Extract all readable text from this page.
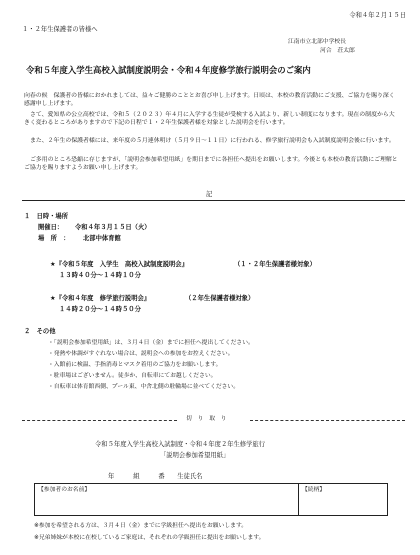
令和４年２月１５日
１・２年生保護者の皆様へ
江南市立北部中学校長
河合　荘太郎
令和５年度入学生高校入試制度説明会・令和４年度修学旅行説明会のご案内
向春の候　保護者の皆様におかれましては、益々ご健勝のこととお喜び申し上げます。日頃は、本校の教育活動にご支援、ご協力を賜り深く感謝申し上げます。
さて、愛知県の公立高校では、令和５（２０２３）年４月に入学する生徒が受検する入試より、新しい制度になります。現在の制度から大きく変わるところがありますので下記の日程で１・２年生保護者様を対象とした説明会を行います。
また、２年生の保護者様には、来年度の５月連休明け（５月９日～１１日）に行われる、修学旅行説明会も入試制度説明会後に行います。
ご多用のところ恐縮に存じますが、「説明会参加希望用紙」を期日までに各担任へ提出をお願いします。今後とも本校の教育活動にご理解とご協力を賜りますようお願い申し上げます。
記
１　日時・場所
開催日： 令和４年３月１５日（火）
場　所　： 北部中体育館
★『令和５年度　入学生　高校入試制度説明会』	（１・２年生保護者様対象）
１３時４０分～１４時１０分
★『令和４年度　修学旅行説明会』	（２年生保護者様対象）
１４時２０分～１４時５０分
２　その他
・「説明会参加希望用紙」は、３月４日（金）までに担任へ提出してください。
・発熱や体調がすぐれない場合は、説明会への参加をお控えください。
・入館前に検温、手指消毒とマスク着用のご協力をお願いします。
・駐車場はございません。徒歩か、自転車にてお越しください。
・自転車は体育館西側、プール東、中舎北側の駐輪場に並べてください。
切　り　取　り
令和５年度入学生高校入試制度・令和４年度２年生修学旅行
「説明会参加希望用紙」
年　　　組　　　番　　生徒氏名
【参加者のお名前】	【続柄】
※参加を希望される方は、３月４日（金）までに学級担任へ提出をお願いします。
※兄弟姉妹が本校に在校しているご家庭は、それぞれの学級担任に提出をお願いします。
